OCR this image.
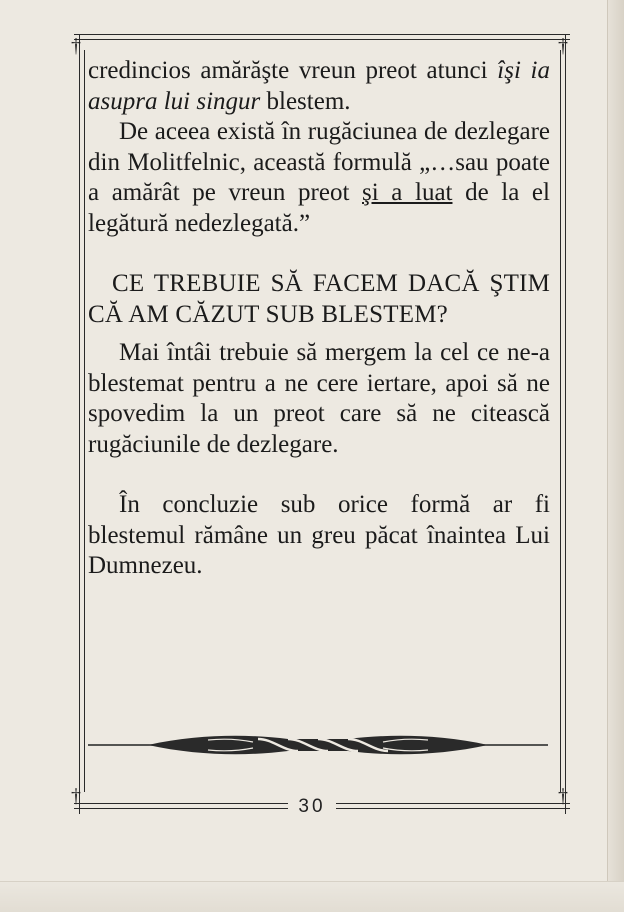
†	†
†	†

credincios amărăşte vreun preot atunci îşi ia asupra lui singur blestem.

De aceea există în rugăciunea de dezlegare din Molitfelnic, această formulă „…sau poate a amărât pe vreun preot şi a luat de la el legătură nedezlegată.”

CE TREBUIE SĂ FACEM DACĂ ŞTIM CĂ AM CĂZUT SUB BLESTEM?

Mai întâi trebuie să mergem la cel ce ne-a blestemat pentru a ne cere iertare, apoi să ne spovedim la un preot care să ne citească rugăciunile de dezlegare.

În concluzie sub orice formă ar fi blestemul rămâne un greu păcat înaintea Lui Dumnezeu.

30
